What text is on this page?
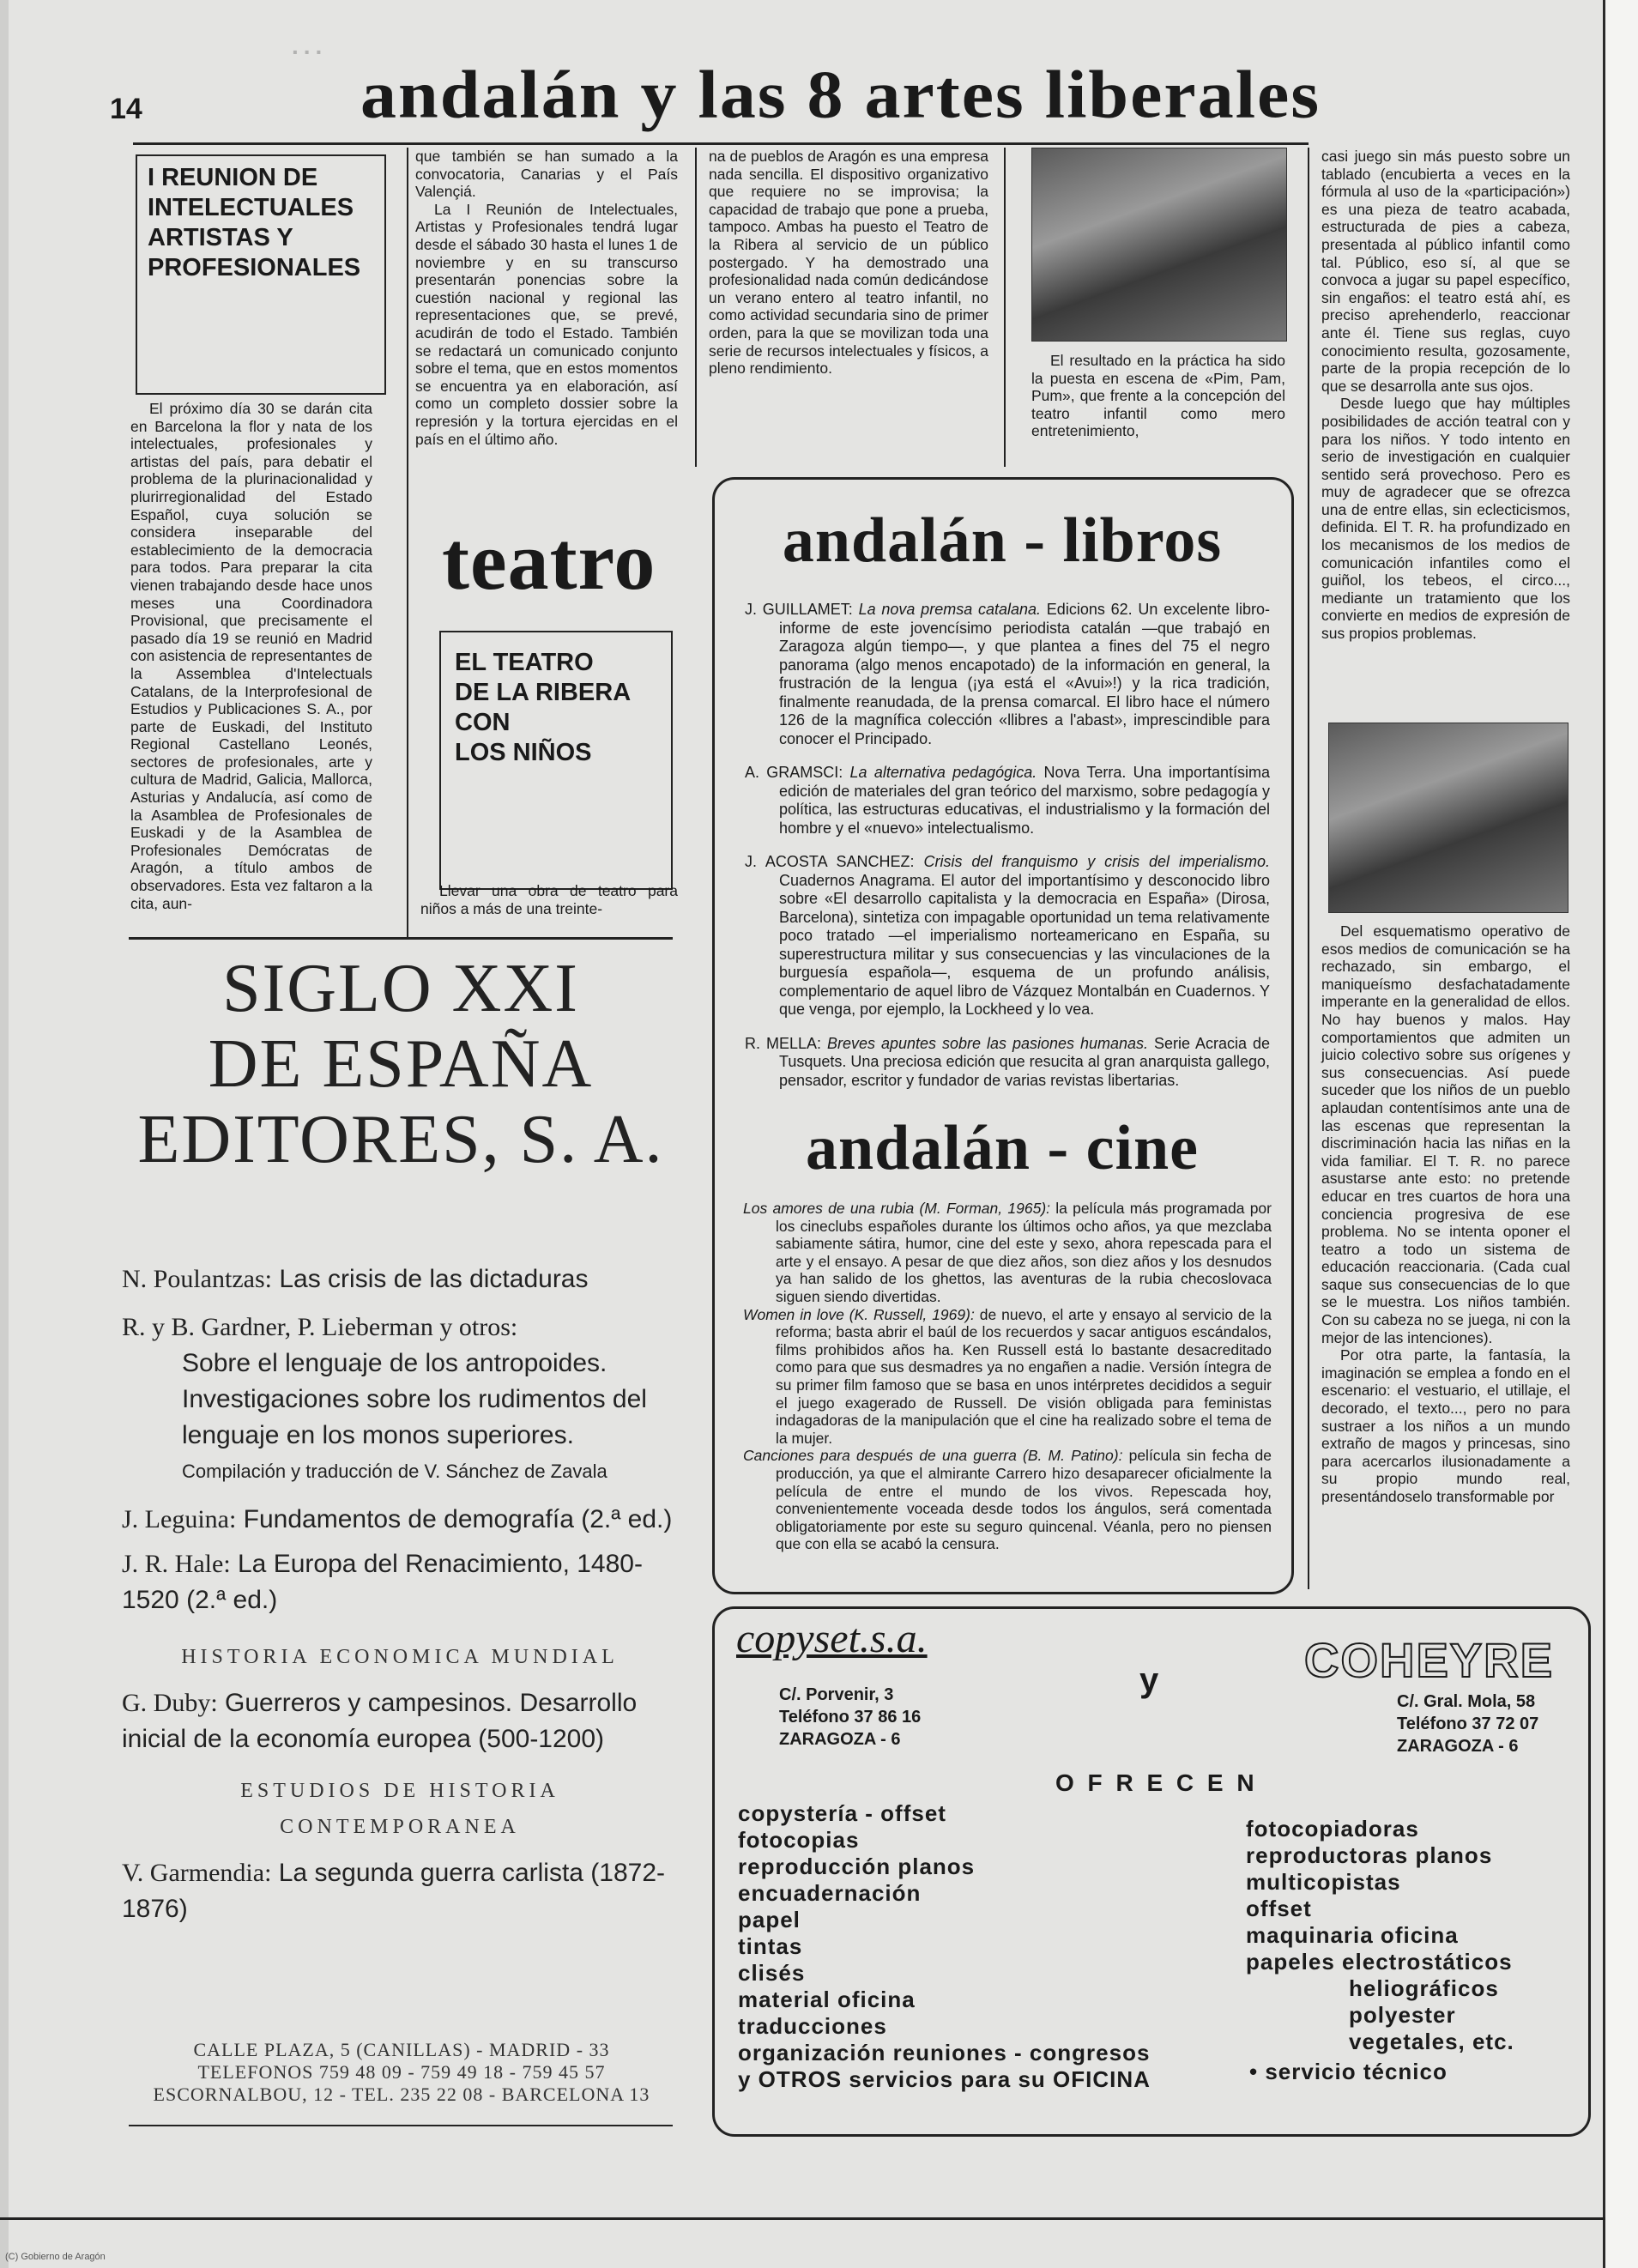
14
...
andalán y las 8 artes liberales
I REUNION DE
INTELECTUALES
ARTISTAS Y
PROFESIONALES

El próximo día 30 se darán cita en Barcelona la flor y nata de los intelectuales, profesionales y artistas del país, para debatir el problema de la plurinacionalidad y plurirregionalidad del Estado Español, cuya solución se considera inseparable del establecimiento de la democracia para todos. Para preparar la cita vienen trabajando desde hace unos meses una Coordinadora Provisional, que precisamente el pasado día 19 se reunió en Madrid con asistencia de representantes de la Assemblea d'Intelectuals Catalans, de la Interprofesional de Estudios y Publicaciones S. A., por parte de Euskadi, del Instituto Regional Castellano Leonés, sectores de profesionales, arte y cultura de Madrid, Galicia, Mallorca, Asturias y Andalucía, así como de la Asamblea de Profesionales de Euskadi y de la Asamblea de Profesionales Demócratas de Aragón, a título ambos de observadores. Esta vez faltaron a la cita, aun-

que también se han sumado a la convocatoria, Canarias y el País Valençiá.

La I Reunión de Intelectuales, Artistas y Profesionales tendrá lugar desde el sábado 30 hasta el lunes 1 de noviembre y en su transcurso presentarán ponencias sobre la cuestión nacional y regional las representaciones que, se prevé, acudirán de todo el Estado. También se redactará un comunicado conjunto sobre el tema, que en estos momentos se encuentra ya en elaboración, así como un completo dossier sobre la represión y la tortura ejercidas en el país en el último año.

teatro
EL TEATRO
DE LA RIBERA
CON
LOS NIÑOS

Llevar una obra de teatro para niños a más de una treinte-

na de pueblos de Aragón es una empresa nada sencilla. El dispositivo organizativo que requiere no se improvisa; la capacidad de trabajo que pone a prueba, tampoco. Ambas ha puesto el Teatro de la Ribera al servicio de un público postergado. Y ha demostrado una profesionalidad nada común dedicándose un verano entero al teatro infantil, no como actividad secundaria sino de primer orden, para la que se movilizan toda una serie de recursos intelectuales y físicos, a pleno rendimiento.	El resultado en la práctica ha sido la puesta en escena de «Pim, Pam, Pum», que frente a la concepción del teatro infantil como mero entretenimiento,

casi juego sin más puesto sobre un tablado (encubierta a veces en la fórmula al uso de la «participación») es una pieza de teatro acabada, estructurada de pies a cabeza, presentada al público infantil como tal. Público, eso sí, al que se convoca a jugar su papel específico, sin engaños: el teatro está ahí, es preciso aprehenderlo, reaccionar ante él. Tiene sus reglas, cuyo conocimiento resulta, gozosamente, parte de la propia recepción de lo que se desarrolla ante sus ojos.

Desde luego que hay múltiples posibilidades de acción teatral con y para los niños. Y todo intento en serio de investigación en cualquier sentido será provechoso. Pero es muy de agradecer que se ofrezca una de entre ellas, sin eclecticismos, definida. El T. R. ha profundizado en los mecanismos de los medios de comunicación infantiles como el guiñol, los tebeos, el circo..., mediante un tratamiento que los convierte en medios de expresión de sus propios problemas.

Del esquematismo operativo de esos medios de comunicación se ha rechazado, sin embargo, el maniqueísmo desfachatadamente imperante en la generalidad de ellos. No hay buenos y malos. Hay comportamientos que admiten un juicio colectivo sobre sus orígenes y sus consecuencias. Así puede suceder que los niños de un pueblo aplaudan contentísimos ante una de las escenas que representan la discriminación hacia las niñas en la vida familiar. El T. R. no parece asustarse ante esto: no pretende educar en tres cuartos de hora una conciencia progresiva de ese problema. No se intenta oponer el teatro a todo un sistema de educación reaccionaria. (Cada cual saque sus consecuencias de lo que se le muestra. Los niños también. Con su cabeza no se juega, ni con la mejor de las intenciones).

Por otra parte, la fantasía, la imaginación se emplea a fondo en el escenario: el vestuario, el utillaje, el decorado, el texto..., pero no para sustraer a los niños a un mundo extraño de magos y princesas, sino para acercarlos ilusionadamente a su propio mundo real, presentándoselo transformable por

andalán - libros

J. GUILLAMET: La nova premsa catalana. Edicions 62. Un excelente libro-informe de este jovencísimo periodista catalán —que trabajó en Zaragoza algún tiempo—, y que plantea a fines del 75 el negro panorama (algo menos encapotado) de la información en general, la frustración de la lengua (¡ya está el «Avui»!) y la rica tradición, finalmente reanudada, de la prensa comarcal. El libro hace el número 126 de la magnífica colección «llibres a l'abast», imprescindible para conocer el Principado.

A. GRAMSCI: La alternativa pedagógica. Nova Terra. Una importantísima edición de materiales del gran teórico del marxismo, sobre pedagogía y política, las estructuras educativas, el industrialismo y la formación del hombre y el «nuevo» intelectualismo.

J. ACOSTA SANCHEZ: Crisis del franquismo y crisis del imperialismo. Cuadernos Anagrama. El autor del importantísimo y desconocido libro sobre «El desarrollo capitalista y la democracia en España» (Dirosa, Barcelona), sintetiza con impagable oportunidad un tema relativamente poco tratado —el imperialismo norteamericano en España, su superestructura militar y sus consecuencias y las vinculaciones de la burguesía española—, esquema de un profundo análisis, complementario de aquel libro de Vázquez Montalbán en Cuadernos. Y que venga, por ejemplo, la Lockheed y lo vea.

R. MELLA: Breves apuntes sobre las pasiones humanas. Serie Acracia de Tusquets. Una preciosa edición que resucita al gran anarquista gallego, pensador, escritor y fundador de varias revistas libertarias.

andalán - cine

Los amores de una rubia (M. Forman, 1965): la película más programada por los cineclubs españoles durante los últimos ocho años, ya que mezclaba sabiamente sátira, humor, cine del este y sexo, ahora repescada para el arte y el ensayo. A pesar de que diez años, son diez años y los desnudos ya han salido de los ghettos, las aventuras de la rubia checoslovaca siguen siendo divertidas.

Women in love (K. Russell, 1969): de nuevo, el arte y ensayo al servicio de la reforma; basta abrir el baúl de los recuerdos y sacar antiguos escándalos, films prohibidos años ha. Ken Russell está lo bastante desacreditado como para que sus desmadres ya no engañen a nadie. Versión íntegra de su primer film famoso que se basa en unos intérpretes decididos a seguir el juego exagerado de Russell. De visión obligada para feministas indagadoras de la manipulación que el cine ha realizado sobre el tema de la mujer.

Canciones para después de una guerra (B. M. Patino): película sin fecha de producción, ya que el almirante Carrero hizo desaparecer oficialmente la película de entre el mundo de los vivos. Repescada hoy, convenientemente voceada desde todos los ángulos, será comentada obligatoriamente por este su seguro quincenal. Véanla, pero no piensen que con ella se acabó la censura.

SIGLO XXI
DE ESPAÑA
EDITORES, S. A.
N. Poulantzas: Las crisis de las dictaduras
R. y B. Gardner, P. Lieberman y otros:
Sobre el lenguaje de los antropoides. Investigaciones sobre los rudimentos del lenguaje en los monos superiores.
Compilación y traducción de V. Sánchez de Zavala
J. Leguina: Fundamentos de demografía (2.ª ed.)
J. R. Hale: La Europa del Renacimiento, 1480-1520 (2.ª ed.)
HISTORIA ECONOMICA MUNDIAL
G. Duby: Guerreros y campesinos. Desarrollo inicial de la economía europea (500-1200)
ESTUDIOS DE HISTORIA CONTEMPORANEA
V. Garmendia: La segunda guerra carlista (1872-1876)
CALLE PLAZA, 5 (CANILLAS) - MADRID - 33
TELEFONOS 759 48 09 - 759 49 18 - 759 45 57
ESCORNALBOU, 12 - TEL. 235 22 08 - BARCELONA 13
copyset.s.a.
C/. Porvenir, 3
Teléfono 37 86 16
ZARAGOZA - 6
y	COHEYRE
C/. Gral. Mola, 58
Teléfono 37 72 07
ZARAGOZA - 6
O F R E C E N
copystería - offset
fotocopias
reproducción planos
encuadernación
papel
tintas
clisés
material oficina
traducciones
organización reuniones - congresos
y OTROS servicios para su OFICINA
fotocopiadoras
reproductoras planos
multicopistas
offset
maquinaria oficina
papeles electrostáticos
heliográficos
polyester
vegetales, etc.
• servicio técnico
(C) Gobierno de Aragón
